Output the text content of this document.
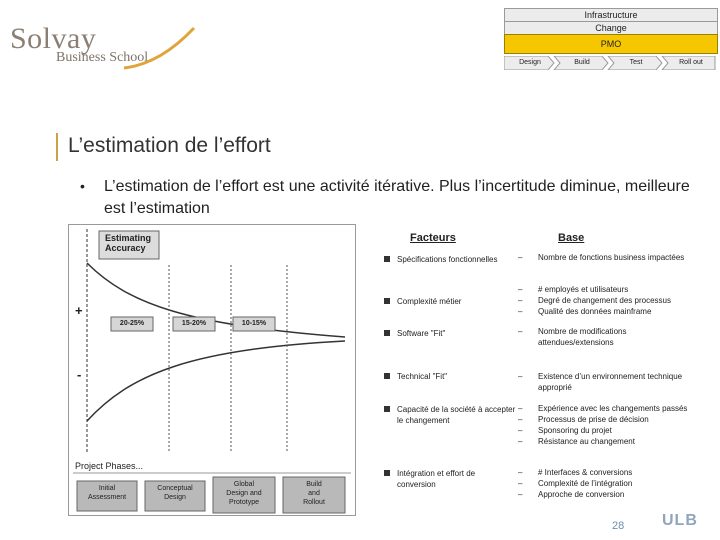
Solvay
Business School
Infrastructure
Change
PMO
Design	Build	Test	Roll out
L’estimation de l’effort
• L’estimation de l’effort est une activité itérative. Plus l’incertitude diminue, meilleure est l’estimation
Estimating
Accuracy
+
-
20-25%	15-20%	10-15%
Project Phases...
Initial
Assessment
Conceptual
Design
Global
Design and
Prototype
Build
and
Rollout
Facteurs	Base
Spécifications fonctionnelles	–	Nombre de fonctions business impactées
Complexité métier
–	# employés et utilisateurs
–	Degré de changement des processus
–	Qualité des données mainframe
Software "Fit"	–	Nombre de modifications attendues/extensions
Technical "Fit"	–	Existence d’un environnement technique approprié
Capacité de la société à accepter le changement
–	Expérience avec les changements passés
–	Processus de prise de décision
–	Sponsoring du projet
–	Résistance au changement
Intégration et effort de conversion
–	# Interfaces & conversions
–	Complexité de l’intégration
–	Approche de conversion
28 ULB
